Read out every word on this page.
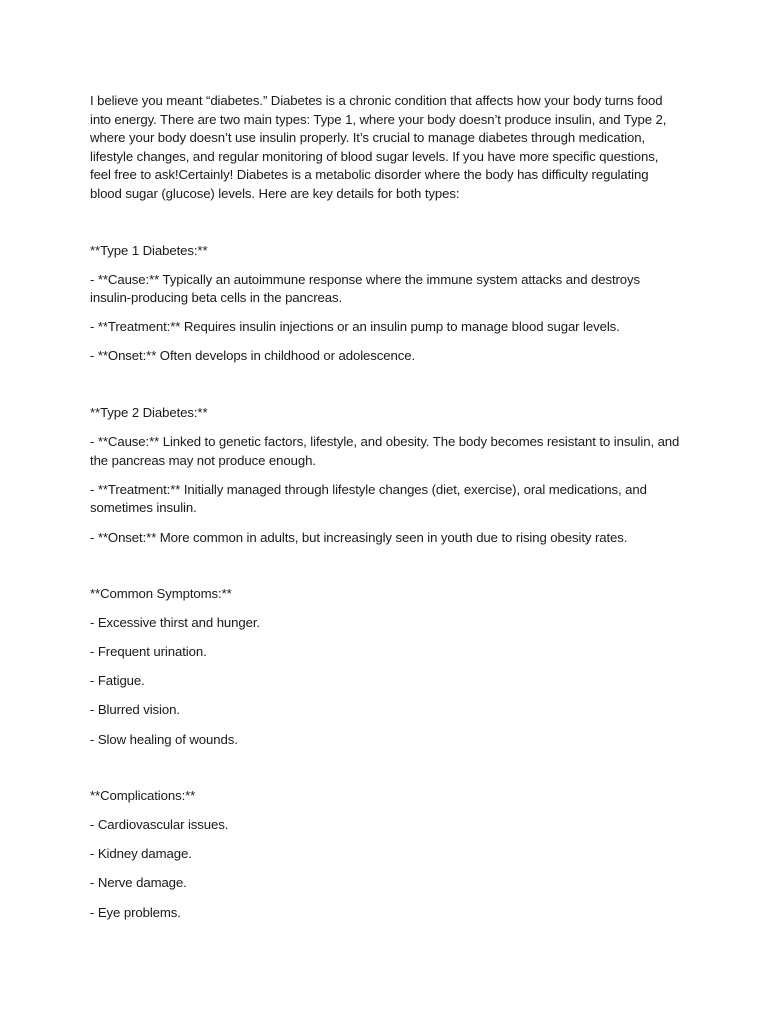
I believe you meant “diabetes.” Diabetes is a chronic condition that affects how your body turns food into energy. There are two main types: Type 1, where your body doesn’t produce insulin, and Type 2, where your body doesn’t use insulin properly. It’s crucial to manage diabetes through medication, lifestyle changes, and regular monitoring of blood sugar levels. If you have more specific questions, feel free to ask!Certainly! Diabetes is a metabolic disorder where the body has difficulty regulating blood sugar (glucose) levels. Here are key details for both types:

**Type 1 Diabetes:**

- **Cause:** Typically an autoimmune response where the immune system attacks and destroys insulin-producing beta cells in the pancreas.

- **Treatment:** Requires insulin injections or an insulin pump to manage blood sugar levels.

- **Onset:** Often develops in childhood or adolescence.

**Type 2 Diabetes:**

- **Cause:** Linked to genetic factors, lifestyle, and obesity. The body becomes resistant to insulin, and the pancreas may not produce enough.

- **Treatment:** Initially managed through lifestyle changes (diet, exercise), oral medications, and sometimes insulin.

- **Onset:** More common in adults, but increasingly seen in youth due to rising obesity rates.

**Common Symptoms:**

- Excessive thirst and hunger.

- Frequent urination.

- Fatigue.

- Blurred vision.

- Slow healing of wounds.

**Complications:**

- Cardiovascular issues.

- Kidney damage.

- Nerve damage.

- Eye problems.
